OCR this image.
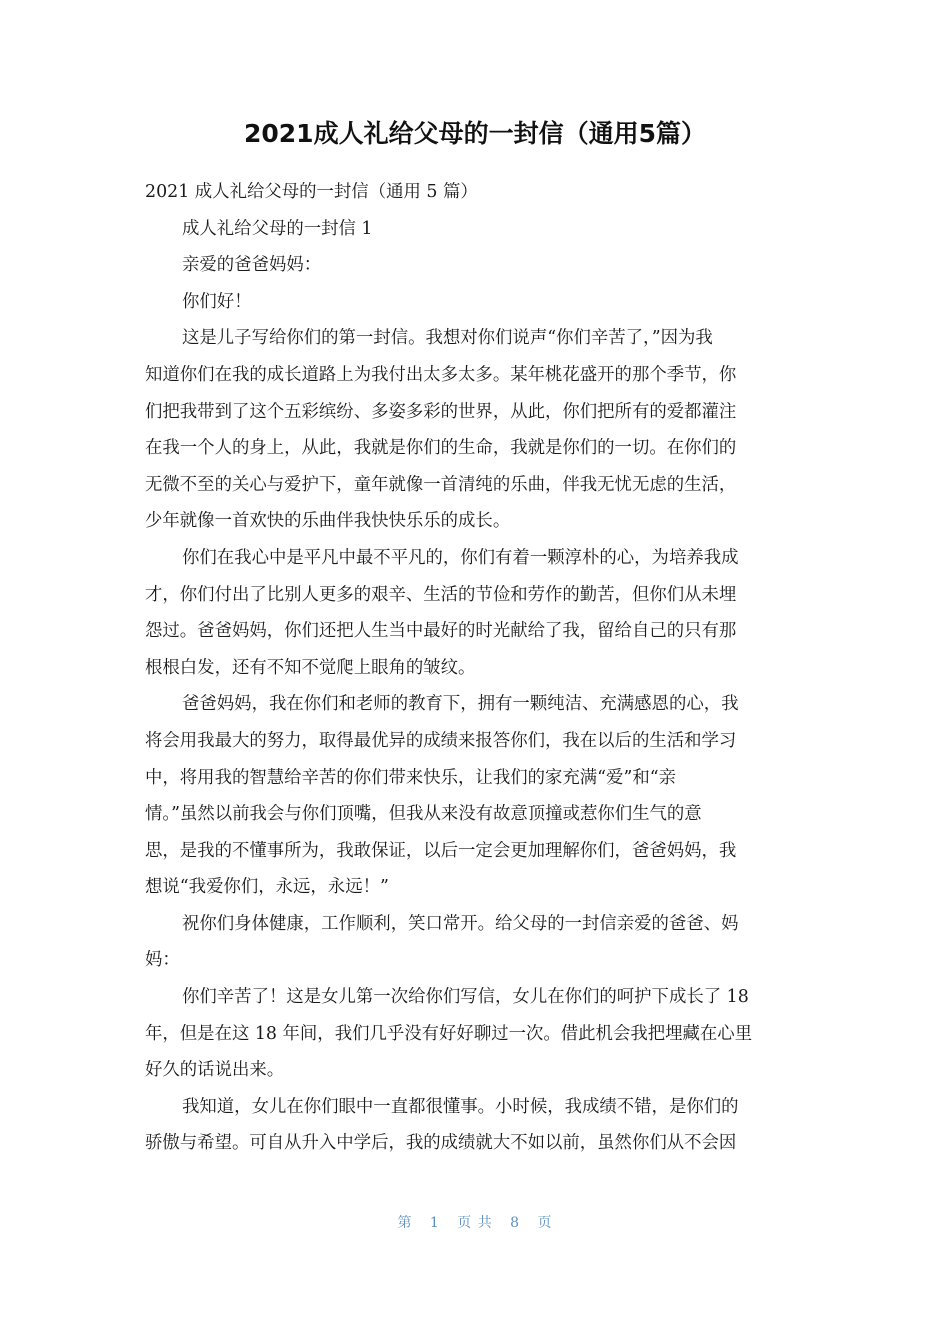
2021成人礼给父母的一封信（通用5篇）
2021 成人礼给父母的一封信（通用 5 篇）
成人礼给父母的一封信 1
亲爱的爸爸妈妈：
你们好！
这是儿子写给你们的第一封信。我想对你们说声“你们辛苦了，”因为我
知道你们在我的成长道路上为我付出太多太多。某年桃花盛开的那个季节，你
们把我带到了这个五彩缤纷、多姿多彩的世界，从此，你们把所有的爱都灌注
在我一个人的身上，从此，我就是你们的生命，我就是你们的一切。在你们的
无微不至的关心与爱护下，童年就像一首清纯的乐曲，伴我无忧无虑的生活，
少年就像一首欢快的乐曲伴我快快乐乐的成长。
你们在我心中是平凡中最不平凡的，你们有着一颗淳朴的心，为培养我成
才，你们付出了比别人更多的艰辛、生活的节俭和劳作的勤苦，但你们从未埋
怨过。爸爸妈妈，你们还把人生当中最好的时光献给了我，留给自己的只有那
根根白发，还有不知不觉爬上眼角的皱纹。
爸爸妈妈，我在你们和老师的教育下，拥有一颗纯洁、充满感恩的心，我
将会用我最大的努力，取得最优异的成绩来报答你们，我在以后的生活和学习
中，将用我的智慧给辛苦的你们带来快乐，让我们的家充满“爱”和“亲
情。”虽然以前我会与你们顶嘴，但我从来没有故意顶撞或惹你们生气的意
思，是我的不懂事所为，我敢保证，以后一定会更加理解你们，爸爸妈妈，我
想说“我爱你们，永远，永远！”
祝你们身体健康，工作顺利，笑口常开。给父母的一封信亲爱的爸爸、妈
妈：
你们辛苦了！这是女儿第一次给你们写信，女儿在你们的呵护下成长了 18
年，但是在这 18 年间，我们几乎没有好好聊过一次。借此机会我把埋藏在心里
好久的话说出来。
我知道，女儿在你们眼中一直都很懂事。小时候，我成绩不错，是你们的
骄傲与希望。可自从升入中学后，我的成绩就大不如以前，虽然你们从不会因
第 1 页 共 8 页
